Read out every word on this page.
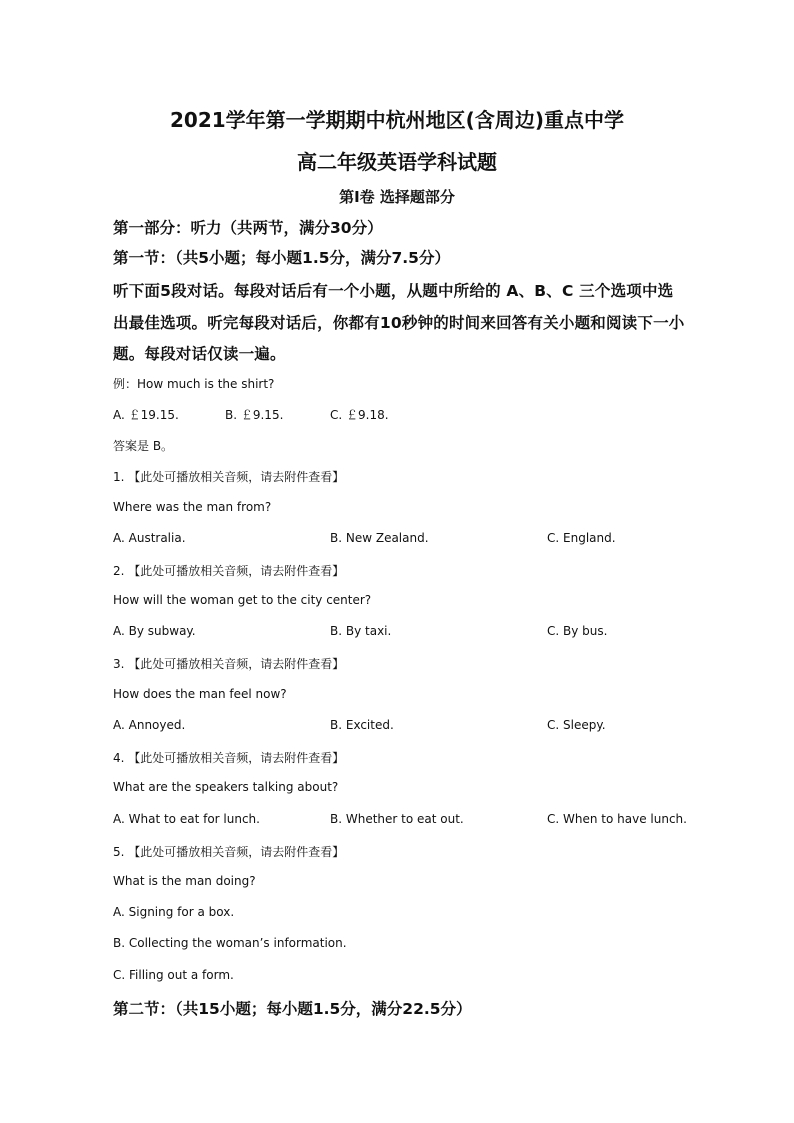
2021学年第一学期期中杭州地区(含周边)重点中学
高二年级英语学科试题
第Ⅰ卷 选择题部分
第一部分：听力（共两节，满分30分）
第一节：（共5小题；每小题1.5分，满分7.5分）
听下面5段对话。每段对话后有一个小题，从题中所给的 A、B、C 三个选项中选
出最佳选项。听完每段对话后，你都有10秒钟的时间来回答有关小题和阅读下一小
题。每段对话仅读一遍。
例：How much is the shirt?
A. ￡19.15.	B. ￡9.15.	C. ￡9.18.
答案是 B。
1. 【此处可播放相关音频，请去附件查看】
Where was the man from?
A. Australia.	B. New Zealand.	C. England.
2. 【此处可播放相关音频，请去附件查看】
How will the woman get to the city center?
A. By subway.	B. By taxi.	C. By bus.
3. 【此处可播放相关音频，请去附件查看】
How does the man feel now?
A. Annoyed.	B. Excited.	C. Sleepy.
4. 【此处可播放相关音频，请去附件查看】
What are the speakers talking about?
A. What to eat for lunch.	B. Whether to eat out.	C. When to have lunch.
5. 【此处可播放相关音频，请去附件查看】
What is the man doing?
A. Signing for a box.
B. Collecting the woman’s information.
C. Filling out a form.
第二节：（共15小题；每小题1.5分，满分22.5分）
